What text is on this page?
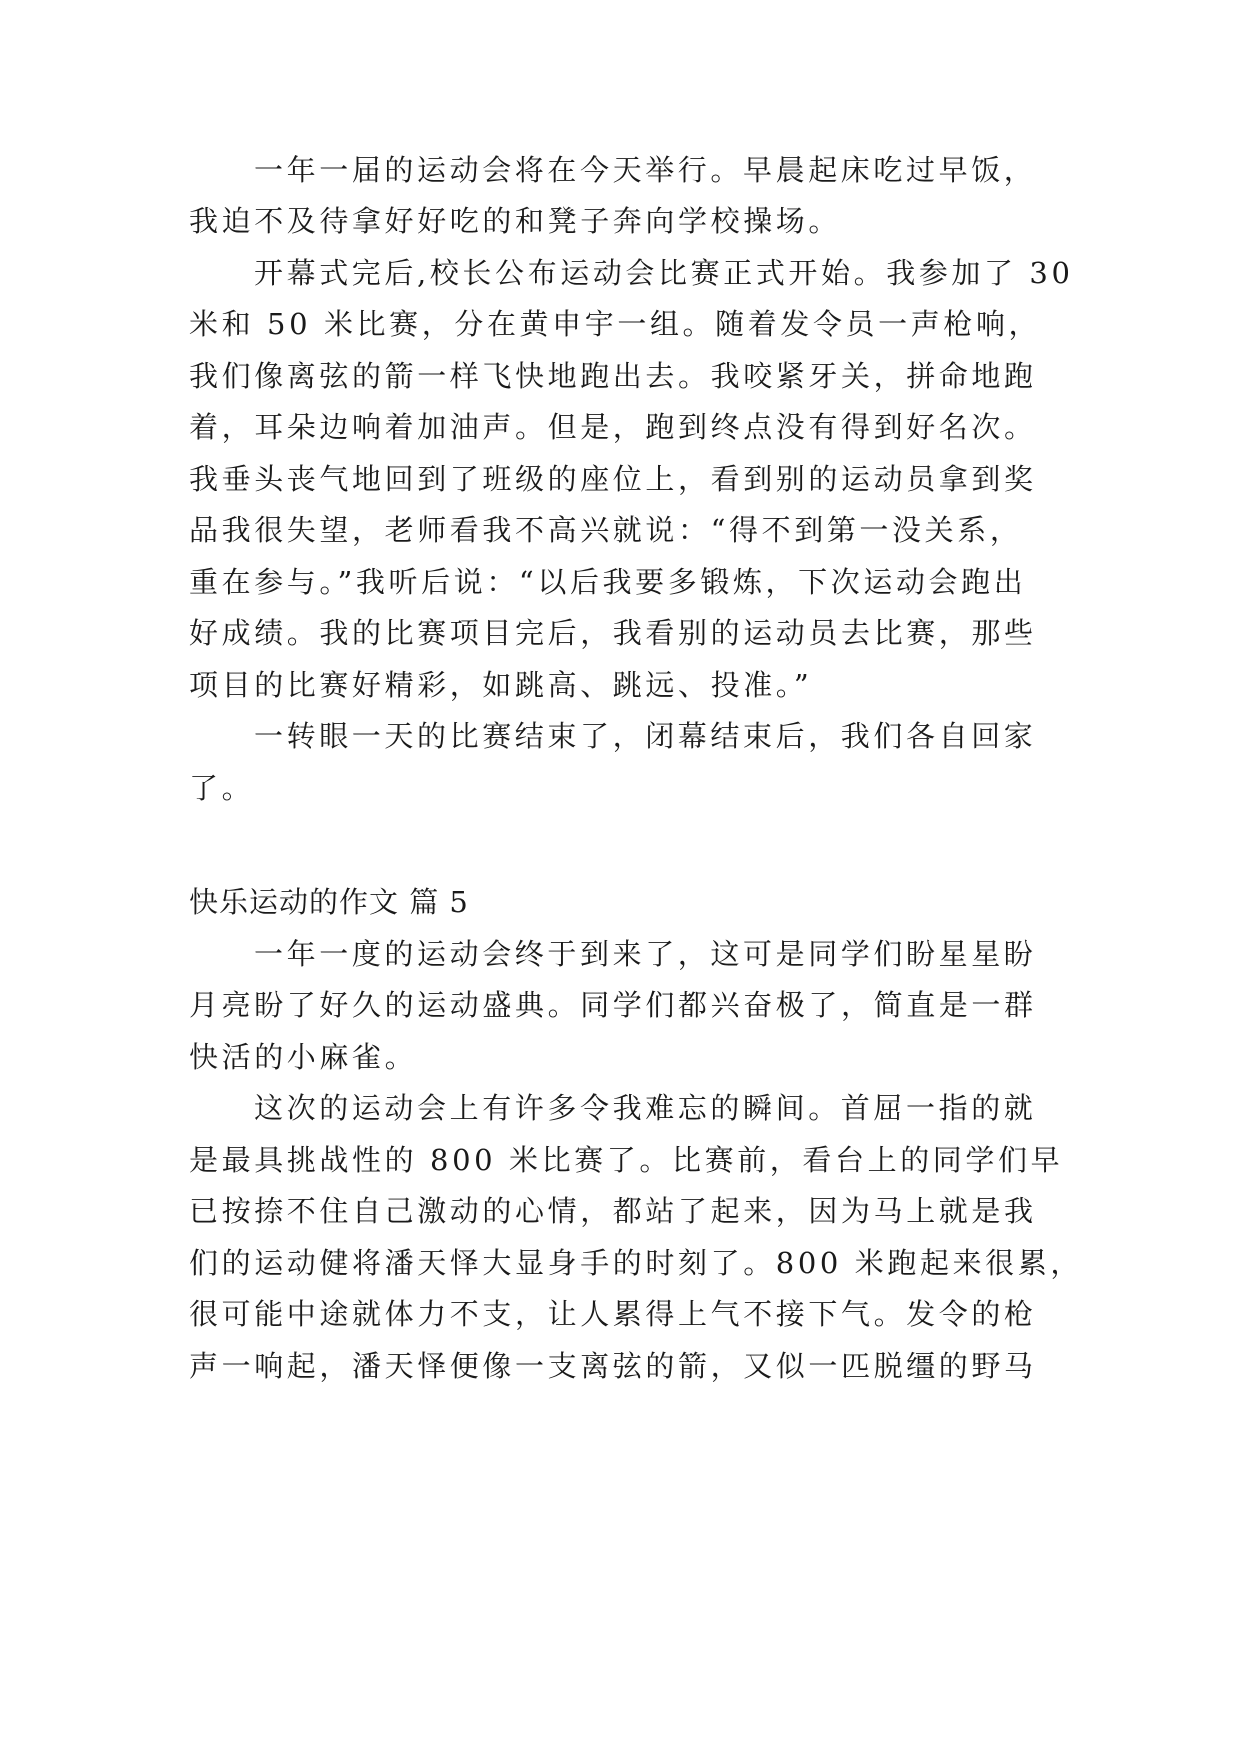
一年一届的运动会将在今天举行。早晨起床吃过早饭，
我迫不及待拿好好吃的和凳子奔向学校操场。
开幕式完后,校长公布运动会比赛正式开始。我参加了 30
米和 50 米比赛，分在黄申宇一组。随着发令员一声枪响，
我们像离弦的箭一样飞快地跑出去。我咬紧牙关，拼命地跑
着，耳朵边响着加油声。但是，跑到终点没有得到好名次。
我垂头丧气地回到了班级的座位上，看到别的运动员拿到奖
品我很失望，老师看我不高兴就说：“得不到第一没关系，
重在参与。”我听后说：“以后我要多锻炼，下次运动会跑出
好成绩。我的比赛项目完后，我看别的运动员去比赛，那些
项目的比赛好精彩，如跳高、跳远、投准。”
一转眼一天的比赛结束了，闭幕结束后，我们各自回家
了。
快乐运动的作文 篇 5
一年一度的运动会终于到来了，这可是同学们盼星星盼
月亮盼了好久的运动盛典。同学们都兴奋极了，简直是一群
快活的小麻雀。
这次的运动会上有许多令我难忘的瞬间。首屈一指的就
是最具挑战性的 800 米比赛了。比赛前，看台上的同学们早
已按捺不住自己激动的心情，都站了起来，因为马上就是我
们的运动健将潘天怿大显身手的时刻了。800 米跑起来很累，
很可能中途就体力不支，让人累得上气不接下气。发令的枪
声一响起，潘天怿便像一支离弦的箭，又似一匹脱缰的野马
